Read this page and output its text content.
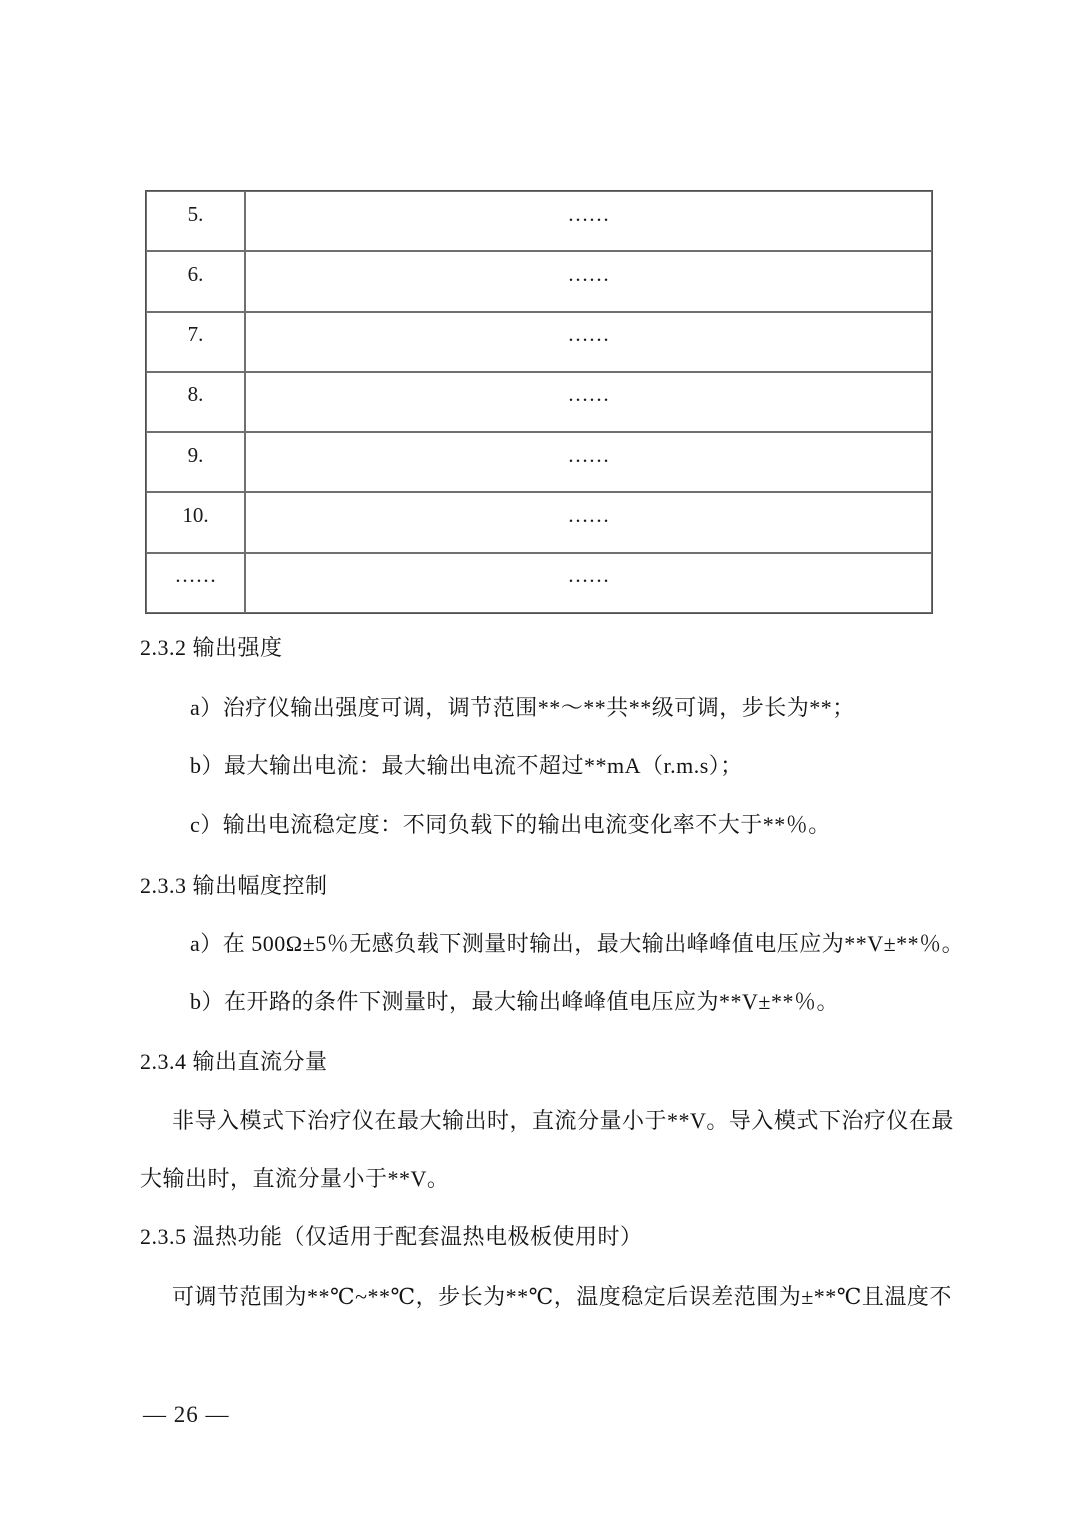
5.	……
6.	……
7.	……
8.	……
9.	……
10.	……
……	……
2.3.2 输出强度
a）治疗仪输出强度可调，调节范围**～**共**级可调，步长为**；
b）最大输出电流：最大输出电流不超过**mA（r.m.s）；
c）输出电流稳定度：不同负载下的输出电流变化率不大于**％。
2.3.3 输出幅度控制
a）在 500Ω±5％无感负载下测量时输出，最大输出峰峰值电压应为**V±**％。
b）在开路的条件下测量时，最大输出峰峰值电压应为**V±**％。
2.3.4 输出直流分量
非导入模式下治疗仪在最大输出时，直流分量小于**V。导入模式下治疗仪在最
大输出时，直流分量小于**V。
2.3.5 温热功能（仅适用于配套温热电极板使用时）
可调节范围为**℃~**℃，步长为**℃，温度稳定后误差范围为±**℃且温度不
— 26 —
